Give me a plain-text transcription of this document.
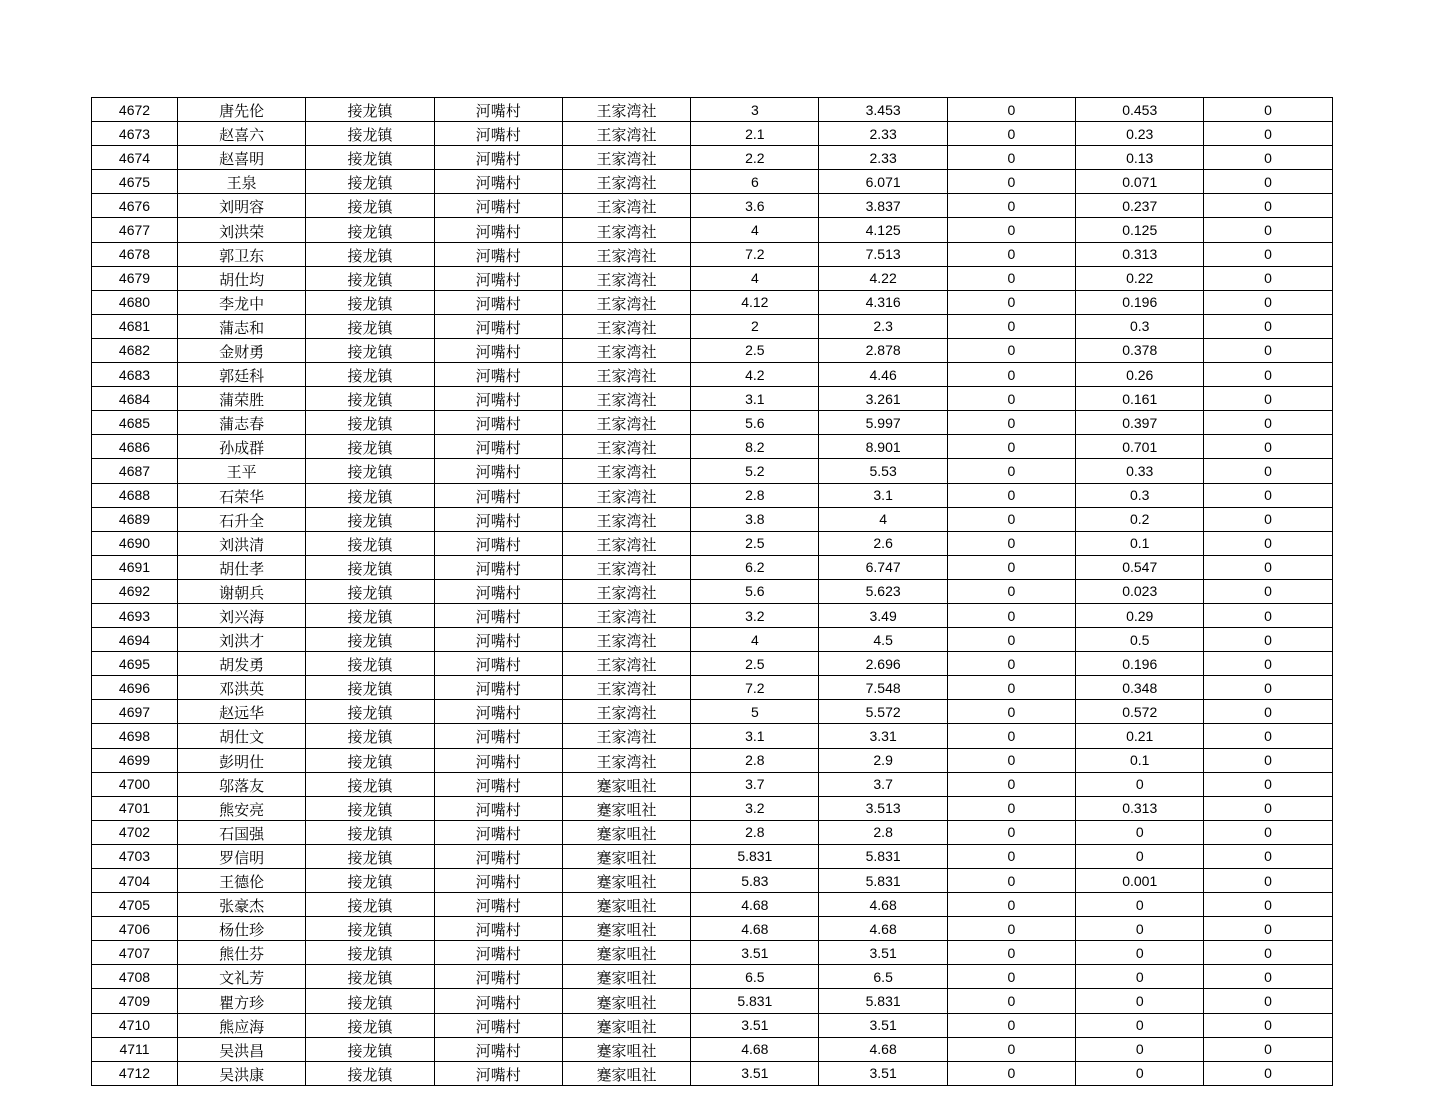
4672	唐先伦	接龙镇	河嘴村	王家湾社	3	3.453	0	0.453	0
4673	赵喜六	接龙镇	河嘴村	王家湾社	2.1	2.33	0	0.23	0
4674	赵喜明	接龙镇	河嘴村	王家湾社	2.2	2.33	0	0.13	0
4675	王泉	接龙镇	河嘴村	王家湾社	6	6.071	0	0.071	0
4676	刘明容	接龙镇	河嘴村	王家湾社	3.6	3.837	0	0.237	0
4677	刘洪荣	接龙镇	河嘴村	王家湾社	4	4.125	0	0.125	0
4678	郭卫东	接龙镇	河嘴村	王家湾社	7.2	7.513	0	0.313	0
4679	胡仕均	接龙镇	河嘴村	王家湾社	4	4.22	0	0.22	0
4680	李龙中	接龙镇	河嘴村	王家湾社	4.12	4.316	0	0.196	0
4681	蒲志和	接龙镇	河嘴村	王家湾社	2	2.3	0	0.3	0
4682	金财勇	接龙镇	河嘴村	王家湾社	2.5	2.878	0	0.378	0
4683	郭廷科	接龙镇	河嘴村	王家湾社	4.2	4.46	0	0.26	0
4684	蒲荣胜	接龙镇	河嘴村	王家湾社	3.1	3.261	0	0.161	0
4685	蒲志春	接龙镇	河嘴村	王家湾社	5.6	5.997	0	0.397	0
4686	孙成群	接龙镇	河嘴村	王家湾社	8.2	8.901	0	0.701	0
4687	王平	接龙镇	河嘴村	王家湾社	5.2	5.53	0	0.33	0
4688	石荣华	接龙镇	河嘴村	王家湾社	2.8	3.1	0	0.3	0
4689	石升全	接龙镇	河嘴村	王家湾社	3.8	4	0	0.2	0
4690	刘洪清	接龙镇	河嘴村	王家湾社	2.5	2.6	0	0.1	0
4691	胡仕孝	接龙镇	河嘴村	王家湾社	6.2	6.747	0	0.547	0
4692	谢朝兵	接龙镇	河嘴村	王家湾社	5.6	5.623	0	0.023	0
4693	刘兴海	接龙镇	河嘴村	王家湾社	3.2	3.49	0	0.29	0
4694	刘洪才	接龙镇	河嘴村	王家湾社	4	4.5	0	0.5	0
4695	胡发勇	接龙镇	河嘴村	王家湾社	2.5	2.696	0	0.196	0
4696	邓洪英	接龙镇	河嘴村	王家湾社	7.2	7.548	0	0.348	0
4697	赵远华	接龙镇	河嘴村	王家湾社	5	5.572	0	0.572	0
4698	胡仕文	接龙镇	河嘴村	王家湾社	3.1	3.31	0	0.21	0
4699	彭明仕	接龙镇	河嘴村	王家湾社	2.8	2.9	0	0.1	0
4700	邬落友	接龙镇	河嘴村	蹇家咀社	3.7	3.7	0	0	0
4701	熊安亮	接龙镇	河嘴村	蹇家咀社	3.2	3.513	0	0.313	0
4702	石国强	接龙镇	河嘴村	蹇家咀社	2.8	2.8	0	0	0
4703	罗信明	接龙镇	河嘴村	蹇家咀社	5.831	5.831	0	0	0
4704	王德伦	接龙镇	河嘴村	蹇家咀社	5.83	5.831	0	0.001	0
4705	张豪杰	接龙镇	河嘴村	蹇家咀社	4.68	4.68	0	0	0
4706	杨仕珍	接龙镇	河嘴村	蹇家咀社	4.68	4.68	0	0	0
4707	熊仕芬	接龙镇	河嘴村	蹇家咀社	3.51	3.51	0	0	0
4708	文礼芳	接龙镇	河嘴村	蹇家咀社	6.5	6.5	0	0	0
4709	瞿方珍	接龙镇	河嘴村	蹇家咀社	5.831	5.831	0	0	0
4710	熊应海	接龙镇	河嘴村	蹇家咀社	3.51	3.51	0	0	0
4711	吴洪昌	接龙镇	河嘴村	蹇家咀社	4.68	4.68	0	0	0
4712	吴洪康	接龙镇	河嘴村	蹇家咀社	3.51	3.51	0	0	0
